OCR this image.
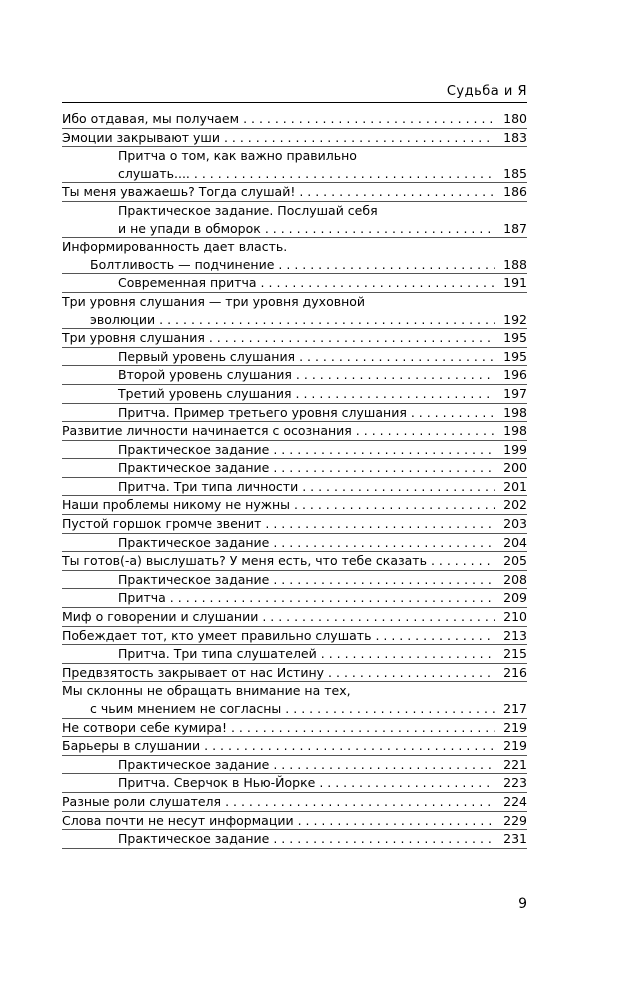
Судьба и Я
Ибо отдавая, мы получаем . . .	180
Эмоции закрывают уши . . .	183
Притча о том, как важно правильно
слушать.... . . .	185
Ты меня уважаешь? Тогда слушай! . . .	186
Практическое задание. Послушай себя
и не упади в обморок . . .	187
Информированность дает власть.
Болтливость — подчинение . . .	188
Современная притча . . .	191
Три уровня слушания — три уровня духовной
эволюции . . .	192
Три уровня слушания . . .	195
Первый уровень слушания . . .	195
Второй уровень слушания . . .	196
Третий уровень слушания . . .	197
Притча. Пример третьего уровня слушания . . .	198
Развитие личности начинается с осознания . . .	198
Практическое задание . . .	199
Практическое задание . . .	200
Притча. Три типа личности . . .	201
Наши проблемы никому не нужны . . .	202
Пустой горшок громче звенит . . .	203
Практическое задание . . .	204
Ты готов(-а) выслушать? У меня есть, что тебе сказать . . .	205
Практическое задание . . .	208
Притча . . .	209
Миф о говорении и слушании . . .	210
Побеждает тот, кто умеет правильно слушать . . .	213
Притча. Три типа слушателей . . .	215
Предвзятость закрывает от нас Истину . . .	216
Мы склонны не обращать внимание на тех,
с чьим мнением не согласны . . .	217
Не сотвори себе кумира! . . .	219
Барьеры в слушании . . .	219
Практическое задание . . .	221
Притча. Сверчок в Нью-Йорке . . .	223
Разные роли слушателя . . .	224
Слова почти не несут информации . . .	229
Практическое задание . . .	231
9
